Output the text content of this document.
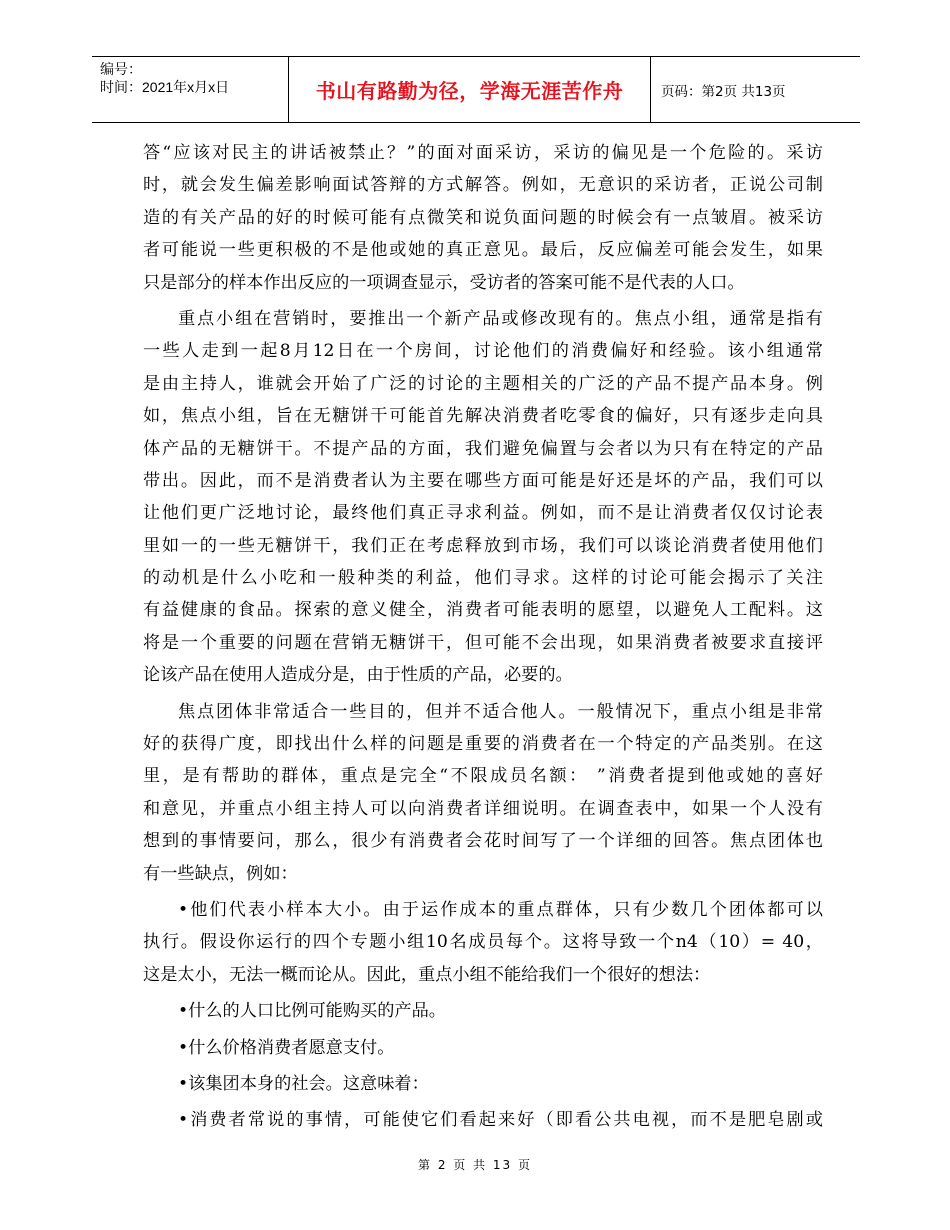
编号：
时间：2021年x月x日	书山有路勤为径，学海无涯苦作舟	页码：第2页 共13页
答“应该对民主的讲话被禁止？”的面对面采访，采访的偏见是一个危险的。采访
时，就会发生偏差影响面试答辩的方式解答。例如，无意识的采访者，正说公司制
造的有关产品的好的时候可能有点微笑和说负面问题的时候会有一点皱眉。被采访
者可能说一些更积极的不是他或她的真正意见。最后，反应偏差可能会发生，如果
只是部分的样本作出反应的一项调查显示，受访者的答案可能不是代表的人口。
重点小组在营销时，要推出一个新产品或修改现有的。焦点小组，通常是指有
一些人走到一起8月12日在一个房间，讨论他们的消费偏好和经验。该小组通常
是由主持人，谁就会开始了广泛的讨论的主题相关的广泛的产品不提产品本身。例
如，焦点小组，旨在无糖饼干可能首先解决消费者吃零食的偏好，只有逐步走向具
体产品的无糖饼干。不提产品的方面，我们避免偏置与会者以为只有在特定的产品
带出。因此，而不是消费者认为主要在哪些方面可能是好还是坏的产品，我们可以
让他们更广泛地讨论，最终他们真正寻求利益。例如，而不是让消费者仅仅讨论表
里如一的一些无糖饼干，我们正在考虑释放到市场，我们可以谈论消费者使用他们
的动机是什么小吃和一般种类的利益，他们寻求。这样的讨论可能会揭示了关注
有益健康的食品。探索的意义健全，消费者可能表明的愿望，以避免人工配料。这
将是一个重要的问题在营销无糖饼干，但可能不会出现，如果消费者被要求直接评
论该产品在使用人造成分是，由于性质的产品，必要的。
焦点团体非常适合一些目的，但并不适合他人。一般情况下，重点小组是非常
好的获得广度，即找出什么样的问题是重要的消费者在一个特定的产品类别。在这
里，是有帮助的群体，重点是完全“不限成员名额： ”消费者提到他或她的喜好
和意见，并重点小组主持人可以向消费者详细说明。在调查表中，如果一个人没有
想到的事情要问，那么，很少有消费者会花时间写了一个详细的回答。焦点团体也
有一些缺点，例如：
•他们代表小样本大小。由于运作成本的重点群体，只有少数几个团体都可以
执行。假设你运行的四个专题小组10名成员每个。这将导致一个n4（10）= 40，
这是太小，无法一概而论从。因此，重点小组不能给我们一个很好的想法：
•什么的人口比例可能购买的产品。
•什么价格消费者愿意支付。
•该集团本身的社会。这意味着：
•消费者常说的事情，可能使它们看起来好（即看公共电视，而不是肥皂剧或
第 2 页 共 13 页
